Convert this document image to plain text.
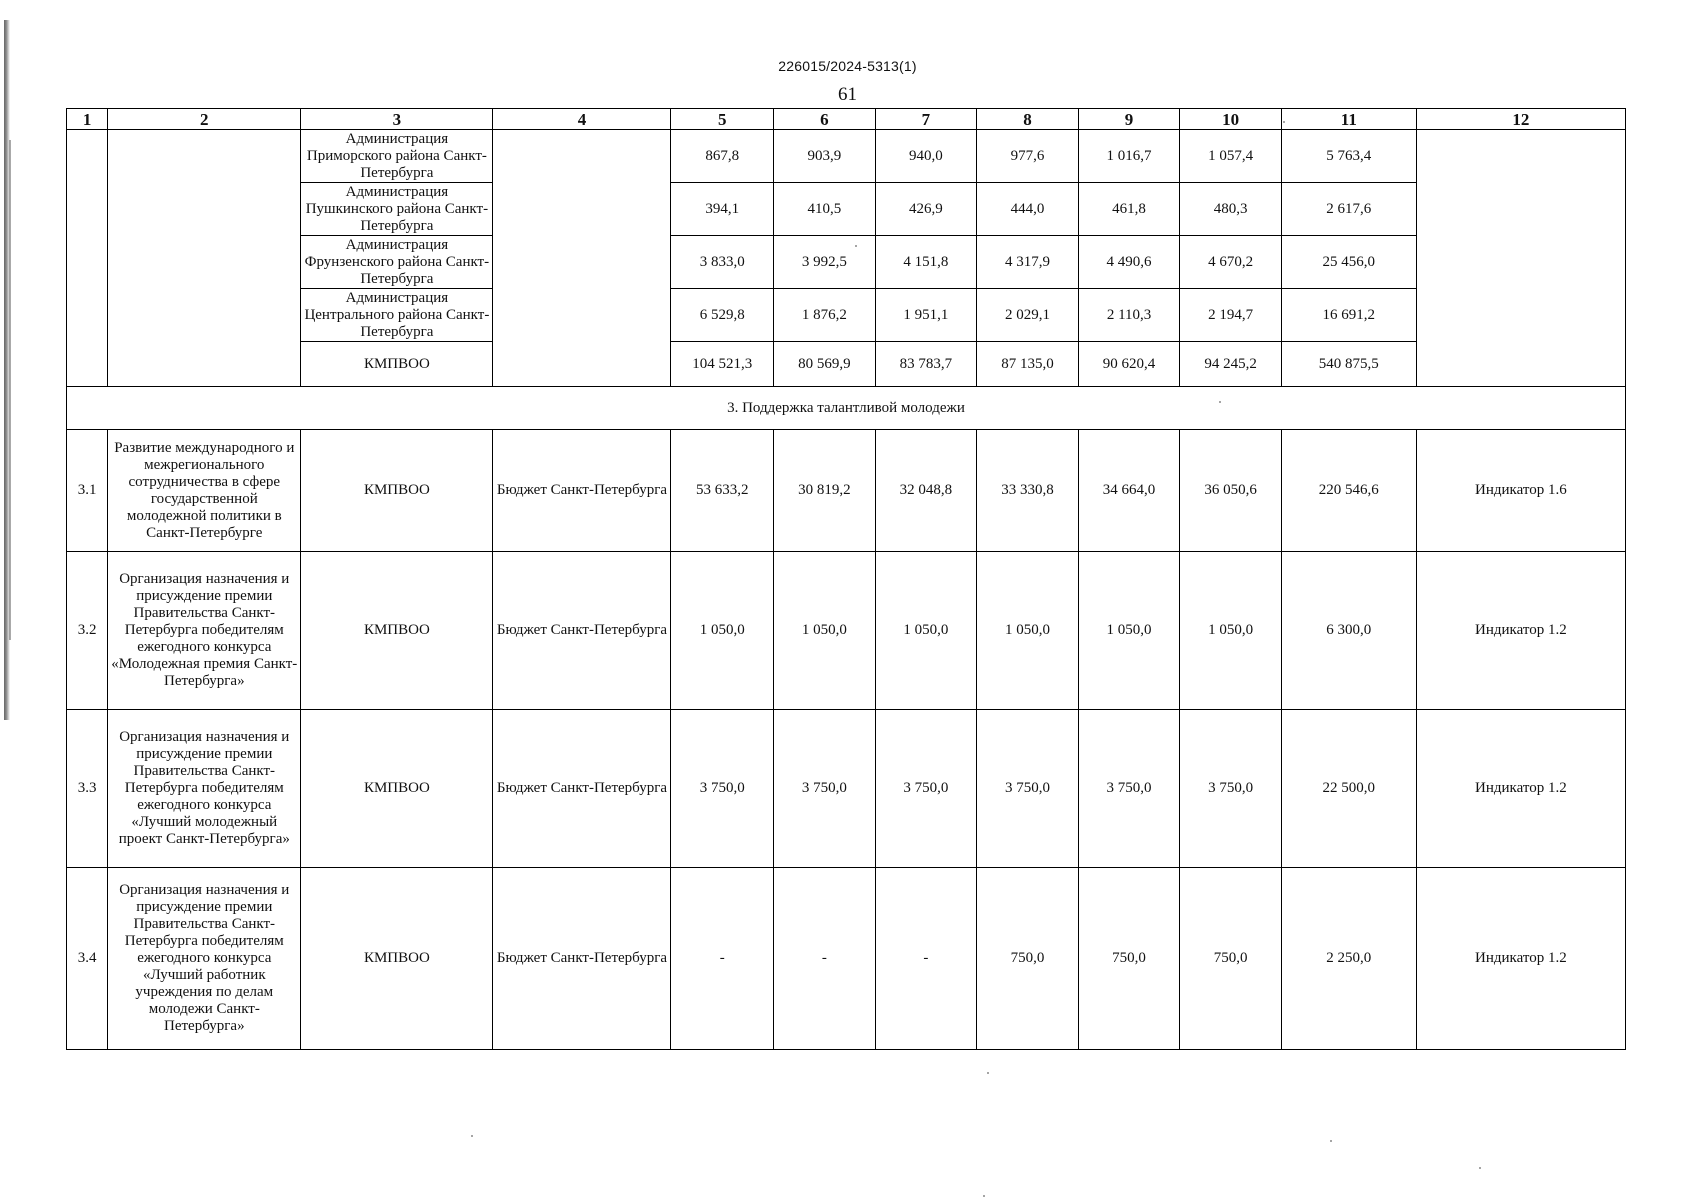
226015/2024-5313(1)
61
1	2	3	4	5	6	7	8	9	10	11	12
		Администрация Приморского района Санкт-Петербурга		867,8	903,9	940,0	977,6	1 016,7	1 057,4	5 763,4	
		Администрация Пушкинского района Санкт-Петербурга		394,1	410,5	426,9	444,0	461,8	480,3	2 617,6	
		Администрация Фрунзенского района Санкт-Петербурга		3 833,0	3 992,5	4 151,8	4 317,9	4 490,6	4 670,2	25 456,0	
		Администрация Центрального района Санкт-Петербурга		6 529,8	1 876,2	1 951,1	2 029,1	2 110,3	2 194,7	16 691,2	
		КМПВОО		104 521,3	80 569,9	83 783,7	87 135,0	90 620,4	94 245,2	540 875,5	
3. Поддержка талантливой молодежи											
3.1	Развитие международного и межрегионального сотрудничества в сфере государственной молодежной политики в Санкт-Петербурге	КМПВОО	Бюджет Санкт-Петербурга	53 633,2	30 819,2	32 048,8	33 330,8	34 664,0	36 050,6	220 546,6	Индикатор 1.6
3.2	Организация назначения и присуждение премии Правительства Санкт-Петербурга победителям ежегодного конкурса «Молодежная премия Санкт-Петербурга»	КМПВОО	Бюджет Санкт-Петербурга	1 050,0	1 050,0	1 050,0	1 050,0	1 050,0	1 050,0	6 300,0	Индикатор 1.2
3.3	Организация назначения и присуждение премии Правительства Санкт-Петербурга победителям ежегодного конкурса «Лучший молодежный проект Санкт-Петербурга»	КМПВОО	Бюджет Санкт-Петербурга	3 750,0	3 750,0	3 750,0	3 750,0	3 750,0	3 750,0	22 500,0	Индикатор 1.2
3.4	Организация назначения и присуждение премии Правительства Санкт-Петербурга победителям ежегодного конкурса «Лучший работник учреждения по делам молодежи Санкт-Петербурга»	КМПВОО	Бюджет Санкт-Петербурга	-	-	-	750,0	750,0	750,0	2 250,0	Индикатор 1.2
